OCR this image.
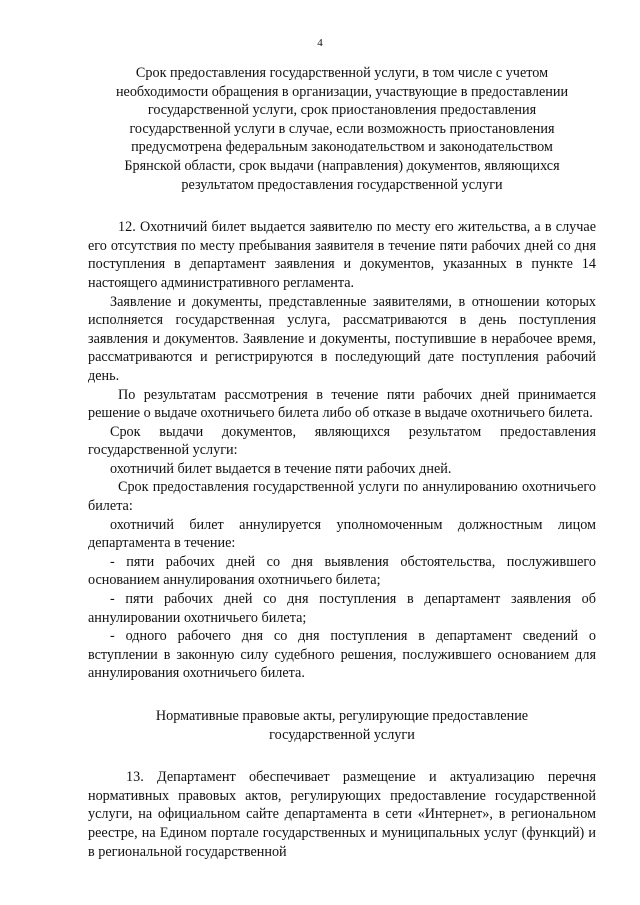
4
Срок предоставления государственной услуги, в том числе с учетом
необходимости обращения в организации, участвующие в предоставлении
государственной услуги, срок приостановления предоставления
государственной услуги в случае, если возможность приостановления
предусмотрена федеральным законодательством и законодательством
Брянской области, срок выдачи (направления) документов, являющихся
результатом предоставления государственной услуги

12. Охотничий билет выдается заявителю по месту его жительства, а в случае его отсутствия по месту пребывания заявителя в течение пяти рабочих дней со дня поступления в департамент заявления и документов, указанных в пункте 14 настоящего административного регламента.

Заявление и документы, представленные заявителями, в отношении которых исполняется государственная услуга, рассматриваются в день поступления заявления и документов. Заявление и документы, поступившие в нерабочее время, рассматриваются и регистрируются в последующий дате поступления рабочий день.

По результатам рассмотрения в течение пяти рабочих дней принимается решение о выдаче охотничьего билета либо об отказе в выдаче охотничьего билета.

Срок выдачи документов, являющихся результатом предоставления государственной услуги:

охотничий билет выдается в течение пяти рабочих дней.

Срок предоставления государственной услуги по аннулированию охотничьего билета:

охотничий билет аннулируется уполномоченным должностным лицом департамента в течение:

- пяти рабочих дней со дня выявления обстоятельства, послужившего основанием аннулирования охотничьего билета;

- пяти рабочих дней со дня поступления в департамент заявления об аннулировании охотничьего билета;

- одного рабочего дня со дня поступления в департамент сведений о вступлении в законную силу судебного решения, послужившего основанием для аннулирования охотничьего билета.

Нормативные правовые акты, регулирующие предоставление
государственной услуги

13. Департамент обеспечивает размещение и актуализацию перечня нормативных правовых актов, регулирующих предоставление государственной услуги, на официальном сайте департамента в сети «Интернет», в региональном реестре, на Едином портале государственных и муниципальных услуг (функций) и в региональной государственной
